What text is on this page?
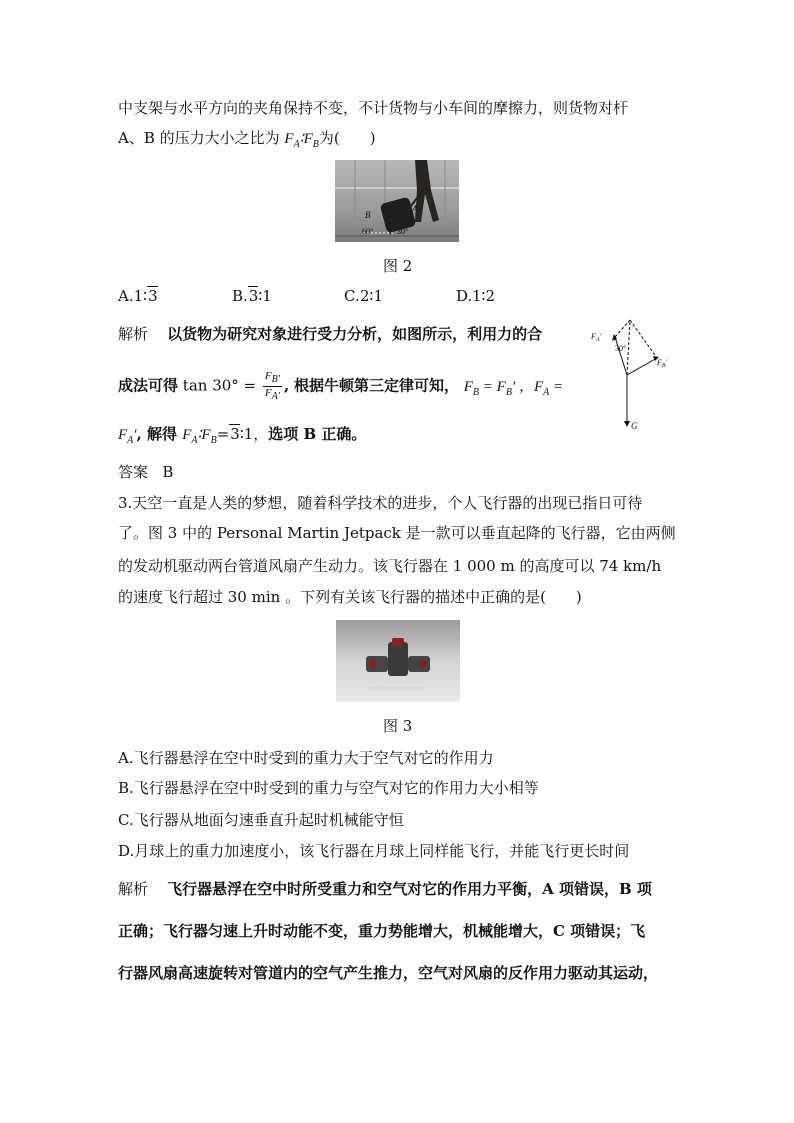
中支架与水平方向的夹角保持不变，不计货物与小车间的摩擦力，则货物对杆
A、B 的压力大小之比为 $F_A∶F_B$为(　　)
B
A
60°	30°
图 2
A.1∶3	B.3∶1	C. 2∶1	D. 1∶2
解析 以货物为研究对象进行受力分析，如图所示，利用力的合
成法可得 $\tan 30^\circ = \frac{F_{B'}}{F_{A'}}$ , 根据牛顿第三定律可知， $F_B = F_B'$ ，$F_A$ =
$F_A'$, 解得 $F_A∶F_B=3∶1$，选项 B 正确。
$F_A'$
30°
$F_B'$
G
答案 B
3.天空一直是人类的梦想，随着科学技术的进步，个人飞行器的出现已指日可待
了。图 3 中的 Personal Martin Jetpack 是一款可以垂直起降的飞行器，它由两侧
的发动机驱动两台管道风扇产生动力。该飞行器在 1 000 m 的高度可以 74 km/h
的速度飞行超过 30 min 。下列有关该飞行器的描述中正确的是(　　)
图 3
A.飞行器悬浮在空中时受到的重力大于空气对它的作用力
B.飞行器悬浮在空中时受到的重力与空气对它的作用力大小相等
C.飞行器从地面匀速垂直升起时机械能守恒
D.月球上的重力加速度小，该飞行器在月球上同样能飞行，并能飞行更长时间
解析 飞行器悬浮在空中时所受重力和空气对它的作用力平衡，A 项错误，B 项
正确；飞行器匀速上升时动能不变，重力势能增大，机械能增大，C 项错误；飞
行器风扇高速旋转对管道内的空气产生推力，空气对风扇的反作用力驱动其运动，
